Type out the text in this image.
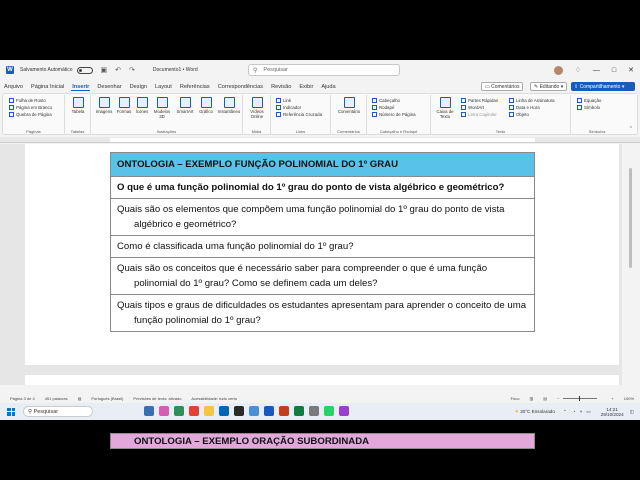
W Salvamento Automático	▣ ↶ ↷	Documento1 • Word	⚲ Pesquisar	♢ — □ ✕
Arquivo Página Inicial Inserir Desenhar Design Layout Referências Correspondências Revisão Exibir Ajuda	▭ Comentários	✎ Editando ▾ ⇪ Compartilhamento ▾
Folha de Rosto
Página em Branco
Quebra de Página
Páginas
Tabela
Tabelas
Imagens	Formas	Ícones	Modelos 3D
SmartArt	Gráfico	Instantâneo
Ilustrações
Vídeos Online
Mídia
Link
Indicador
Referência Cruzada
Links
Comentário
Comentários
Cabeçalho
Rodapé
Número de Página
Cabeçalho e Rodapé
Caixa de Texto
Partes Rápidas
WordArt
Letra Capitular
Linha de Assinatura
Data e Hora
Objeto
Texto
Equação
Símbolo
Símbolos	⌃
ONTOLOGIA – EXEMPLO FUNÇÃO POLINOMIAL DO 1º GRAU
O que é uma função polinomial do 1º grau do ponto de vista algébrico e geométrico?
Quais são os elementos que compõem uma função polinomial do 1º grau do ponto de vista algébrico e geométrico?
Como é classificada uma função polinomial do 1º grau?
Quais são os conceitos que é necessário saber para compreender o que é uma função polinomial do 1º grau? Como se definem cada um deles?
Quais tipos e graus de dificuldades os estudantes apresentam para aprender o conceito de uma função polinomial do 1º grau?
ONTOLOGIA – EXEMPLO ORAÇÃO SUBORDINADA
Página 3 de 4	451 palavras	▤	Português (Brasil)	Previsões de texto: ativado	Acessibilidade: tudo certo	Foco	▥	▤	−	+	100%
⚲ Pesquisar	☀ 30°C Ensolarado ⌃ ◔ ◖ ▭	14:21
29/10/2024
◫
